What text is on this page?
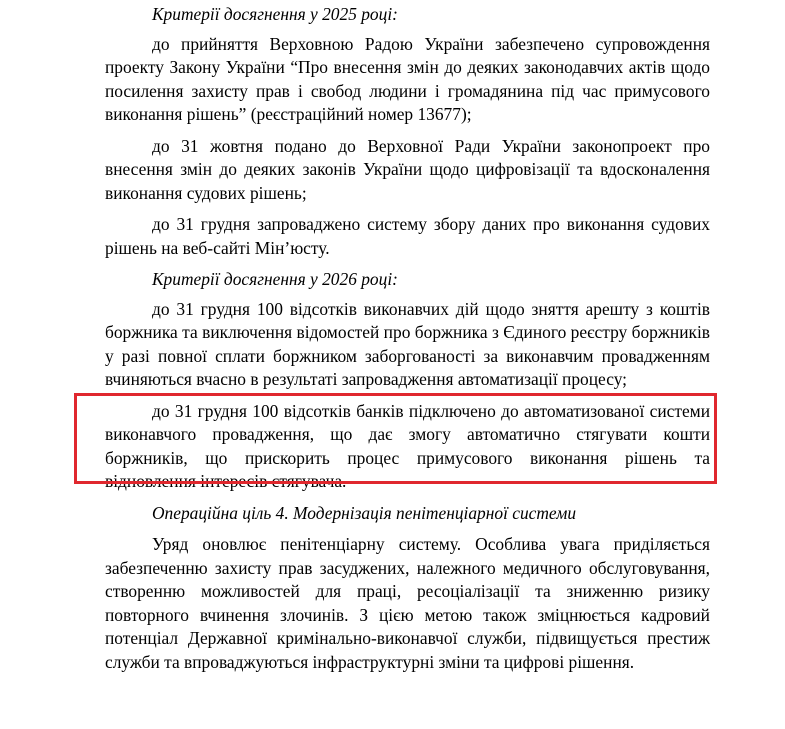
Критерії досягнення у 2025 році:

до прийняття Верховною Радою України забезпечено супровождення проекту Закону України “Про внесення змін до деяких законодавчих актів щодо посилення захисту прав і свобод людини і громадянина під час примусового виконання рішень” (реєстраційний номер 13677);

до 31 жовтня подано до Верховної Ради України законопроект про внесення змін до деяких законів України щодо цифровізації та вдосконалення виконання судових рішень;

до 31 грудня запроваджено систему збору даних про виконання судових рішень на веб-сайті Мін’юсту.

Критерії досягнення у 2026 році:

до 31 грудня 100 відсотків виконавчих дій щодо зняття арешту з коштів боржника та виключення відомостей про боржника з Єдиного реєстру боржників у разі повної сплати боржником заборгованості за виконавчим провадженням вчиняються вчасно в результаті запровадження автоматизації процесу;

до 31 грудня 100 відсотків банків підключено до автоматизованої системи виконавчого провадження, що дає змогу автоматично стягувати кошти боржників, що прискорить процес примусового виконання рішень та відновлення інтересів стягувача.

Операційна ціль 4. Модернізація пенітенціарної системи

Уряд оновлює пенітенціарну систему. Особлива увага приділяється забезпеченню захисту прав засуджених, належного медичного обслуговування, створенню можливостей для праці, ресоціалізації та зниженню ризику повторного вчинення злочинів. З цією метою також зміцнюється кадровий потенціал Державної кримінально-виконавчої служби, підвищується престиж служби та впроваджуються інфраструктурні зміни та цифрові рішення.
